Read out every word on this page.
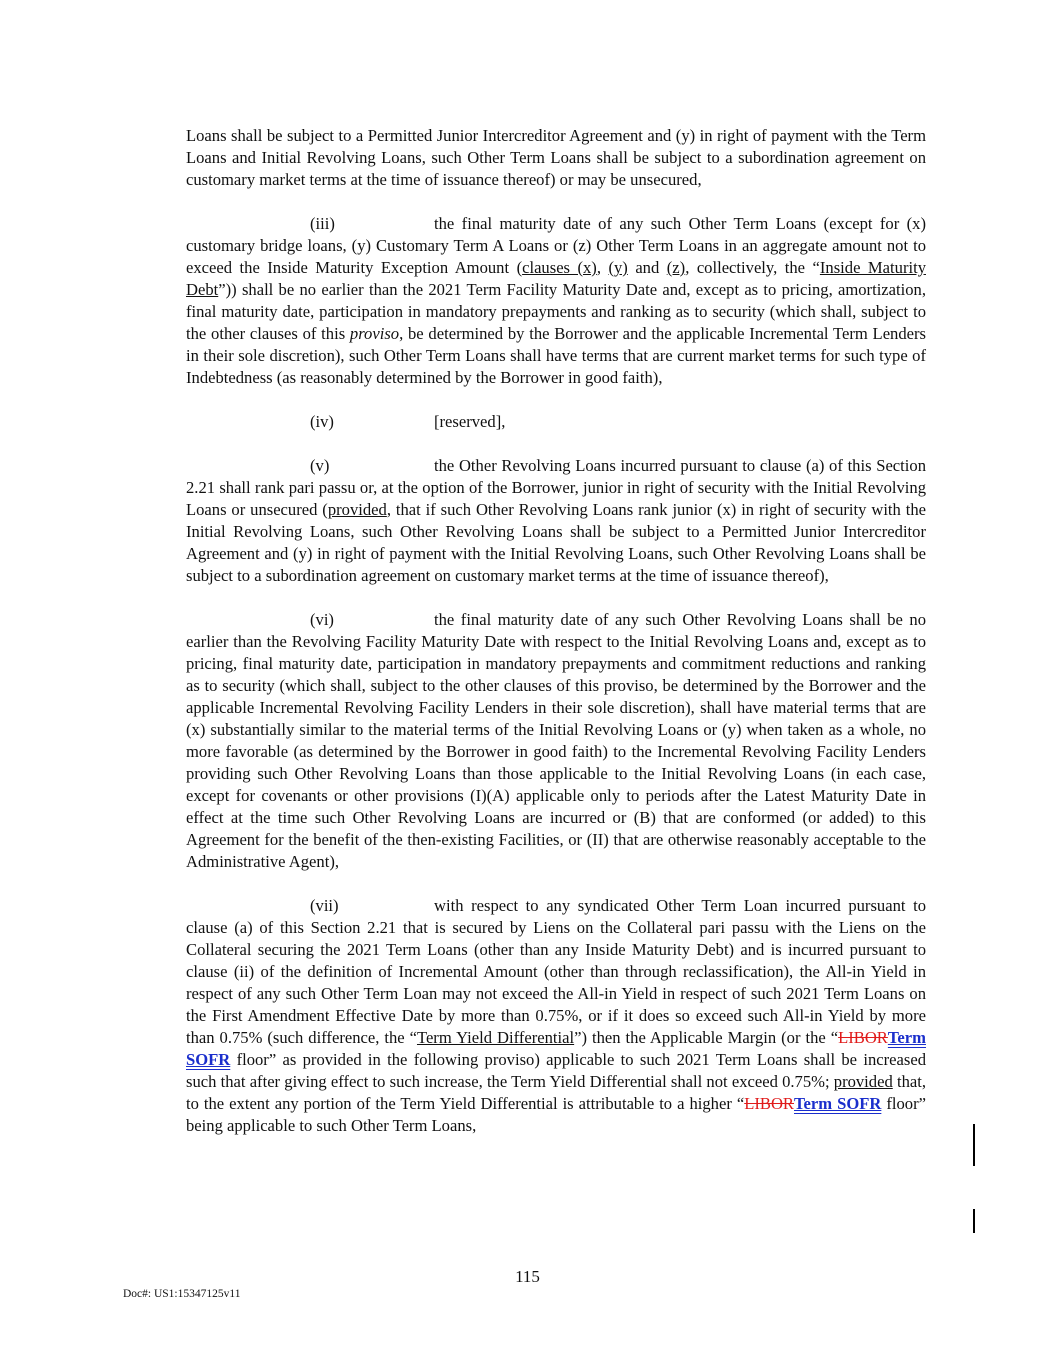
Loans shall be subject to a Permitted Junior Intercreditor Agreement and (y) in right of payment with the Term Loans and Initial Revolving Loans, such Other Term Loans shall be subject to a subordination agreement on customary market terms at the time of issuance thereof) or may be unsecured,

(iii)	the final maturity date of any such Other Term Loans (except for (x) customary bridge loans, (y) Customary Term A Loans or (z) Other Term Loans in an aggregate amount not to exceed the Inside Maturity Exception Amount (clauses (x), (y) and (z), collectively, the “Inside Maturity Debt”)) shall be no earlier than the 2021 Term Facility Maturity Date and, except as to pricing, amortization, final maturity date, participation in mandatory prepayments and ranking as to security (which shall, subject to the other clauses of this proviso, be determined by the Borrower and the applicable Incremental Term Lenders in their sole discretion), such Other Term Loans shall have terms that are current market terms for such type of Indebtedness (as reasonably determined by the Borrower in good faith),

(iv)	[reserved],

(v)	the Other Revolving Loans incurred pursuant to clause (a) of this Section 2.21 shall rank pari passu or, at the option of the Borrower, junior in right of security with the Initial Revolving Loans or unsecured (provided, that if such Other Revolving Loans rank junior (x) in right of security with the Initial Revolving Loans, such Other Revolving Loans shall be subject to a Permitted Junior Intercreditor Agreement and (y) in right of payment with the Initial Revolving Loans, such Other Revolving Loans shall be subject to a subordination agreement on customary market terms at the time of issuance thereof),

(vi)	the final maturity date of any such Other Revolving Loans shall be no earlier than the Revolving Facility Maturity Date with respect to the Initial Revolving Loans and, except as to pricing, final maturity date, participation in mandatory prepayments and commitment reductions and ranking as to security (which shall, subject to the other clauses of this proviso, be determined by the Borrower and the applicable Incremental Revolving Facility Lenders in their sole discretion), shall have material terms that are (x) substantially similar to the material terms of the Initial Revolving Loans or (y) when taken as a whole, no more favorable (as determined by the Borrower in good faith) to the Incremental Revolving Facility Lenders providing such Other Revolving Loans than those applicable to the Initial Revolving Loans (in each case, except for covenants or other provisions (I)(A) applicable only to periods after the Latest Maturity Date in effect at the time such Other Revolving Loans are incurred or (B) that are conformed (or added) to this Agreement for the benefit of the then-existing Facilities, or (II) that are otherwise reasonably acceptable to the Administrative Agent),

(vii)	with respect to any syndicated Other Term Loan incurred pursuant to clause (a) of this Section 2.21 that is secured by Liens on the Collateral pari passu with the Liens on the Collateral securing the 2021 Term Loans (other than any Inside Maturity Debt) and is incurred pursuant to clause (ii) of the definition of Incremental Amount (other than through reclassification), the All-in Yield in respect of any such Other Term Loan may not exceed the All-in Yield in respect of such 2021 Term Loans on the First Amendment Effective Date by more than 0.75%, or if it does so exceed such All-in Yield by more than 0.75% (such difference, the “Term Yield Differential”) then the Applicable Margin (or the “LIBORTerm SOFR floor” as provided in the following proviso) applicable to such 2021 Term Loans shall be increased such that after giving effect to such increase, the Term Yield Differential shall not exceed 0.75%; provided that, to the extent any portion of the Term Yield Differential is attributable to a higher “LIBORTerm SOFR floor” being applicable to such Other Term Loans,

115
Doc#: US1:15347125v11
